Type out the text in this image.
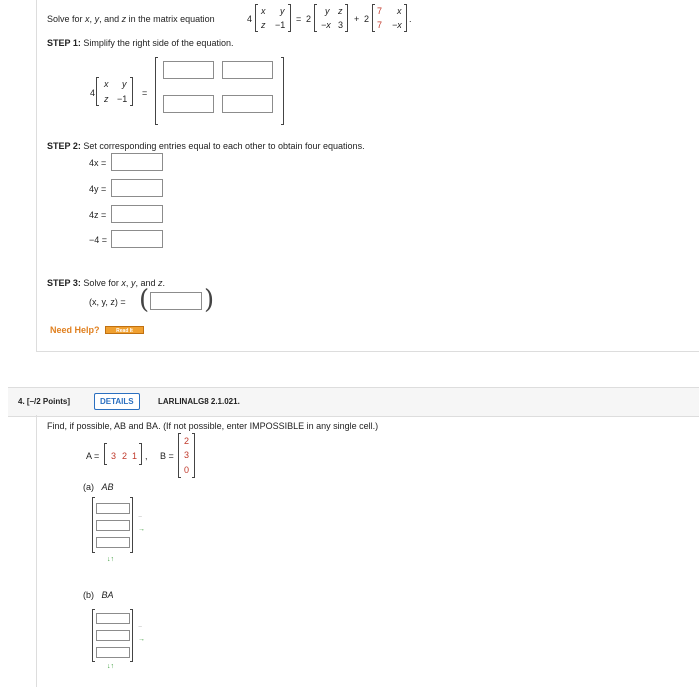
Solve for x, y, and z in the matrix equation	4
x y
z −1
= 2
y z
−x 3
+ 2
7 x
7 −x
.
STEP 1: Simplify the right side of the equation.
4
x y
z −1
=
STEP 2: Set corresponding entries equal to each other to obtain four equations.
4x =
4y =
4z =
−4 =
STEP 3: Solve for x, y, and z.
(x, y, z) = ( )
Need Help?	Read It
4. [–/2 Points]	DETAILS	LARLINALG8 2.1.021.
Find, if possible, AB and BA. (If not possible, enter IMPOSSIBLE in any single cell.)
A = 3 2 1 , B =
2
3
0
(a) AB
−
→
↓↑
(b) BA
−
→
↓↑
